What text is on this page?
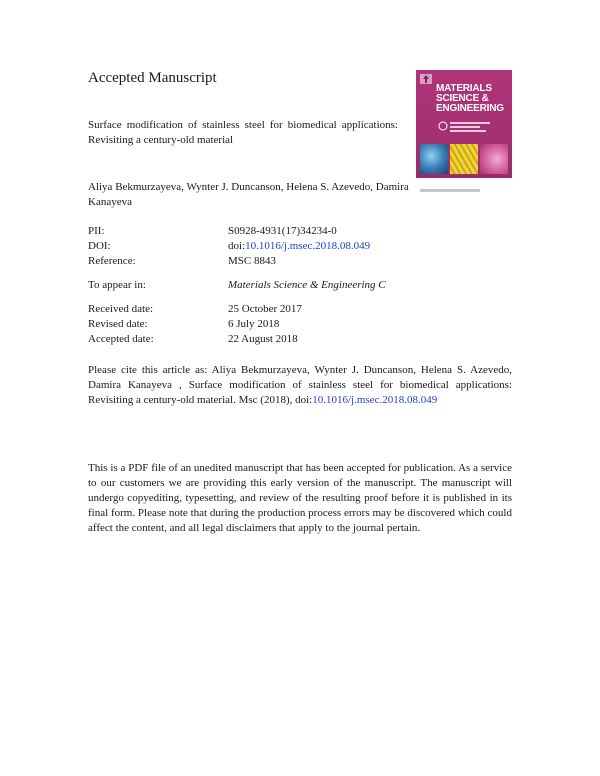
Accepted Manuscript
MATERIALS
SCIENCE &
ENGINEERING
Surface modification of stainless steel for biomedical applications: Revisiting a century-old material
Aliya Bekmurzayeva, Wynter J. Duncanson, Helena S. Azevedo, Damira Kanayeva
PII:	S0928-4931(17)34234-0
DOI:	doi:10.1016/j.msec.2018.08.049
Reference:	MSC 8843
To appear in:	Materials Science & Engineering C
Received date:	25 October 2017
Revised date:	6 July 2018
Accepted date:	22 August 2018
Please cite this article as: Aliya Bekmurzayeva, Wynter J. Duncanson, Helena S. Azevedo, Damira Kanayeva , Surface modification of stainless steel for biomedical applications: Revisiting a century-old material. Msc (2018), doi:10.1016/j.msec.2018.08.049
This is a PDF file of an unedited manuscript that has been accepted for publication. As a service to our customers we are providing this early version of the manuscript. The manuscript will undergo copyediting, typesetting, and review of the resulting proof before it is published in its final form. Please note that during the production process errors may be discovered which could affect the content, and all legal disclaimers that apply to the journal pertain.
